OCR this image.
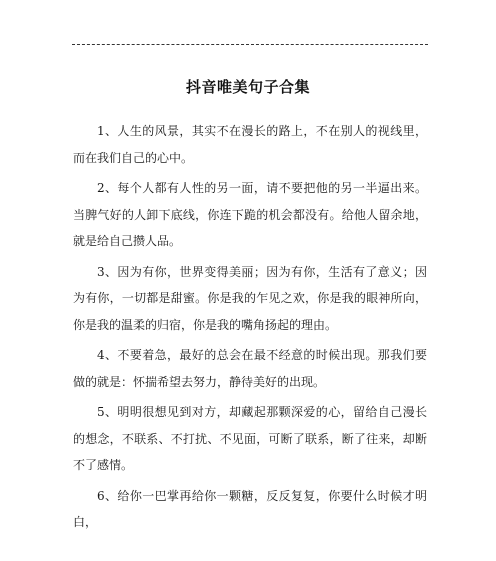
抖音唯美句子合集

1、人生的风景，其实不在漫长的路上，不在别人的视线里，而在我们自己的心中。

2、每个人都有人性的另一面，请不要把他的另一半逼出来。当脾气好的人卸下底线，你连下跪的机会都没有。给他人留余地，就是给自己攒人品。

3、因为有你，世界变得美丽；因为有你，生活有了意义；因为有你，一切都是甜蜜。你是我的乍见之欢，你是我的眼神所向，你是我的温柔的归宿，你是我的嘴角扬起的理由。

4、不要着急，最好的总会在最不经意的时候出现。那我们要做的就是：怀揣希望去努力，静待美好的出现。

5、明明很想见到对方，却藏起那颗深爱的心，留给自己漫长的想念，不联系、不打扰、不见面，可断了联系，断了往来，却断不了感情。

6、给你一巴掌再给你一颗糖，反反复复，你要什么时候才明白，
